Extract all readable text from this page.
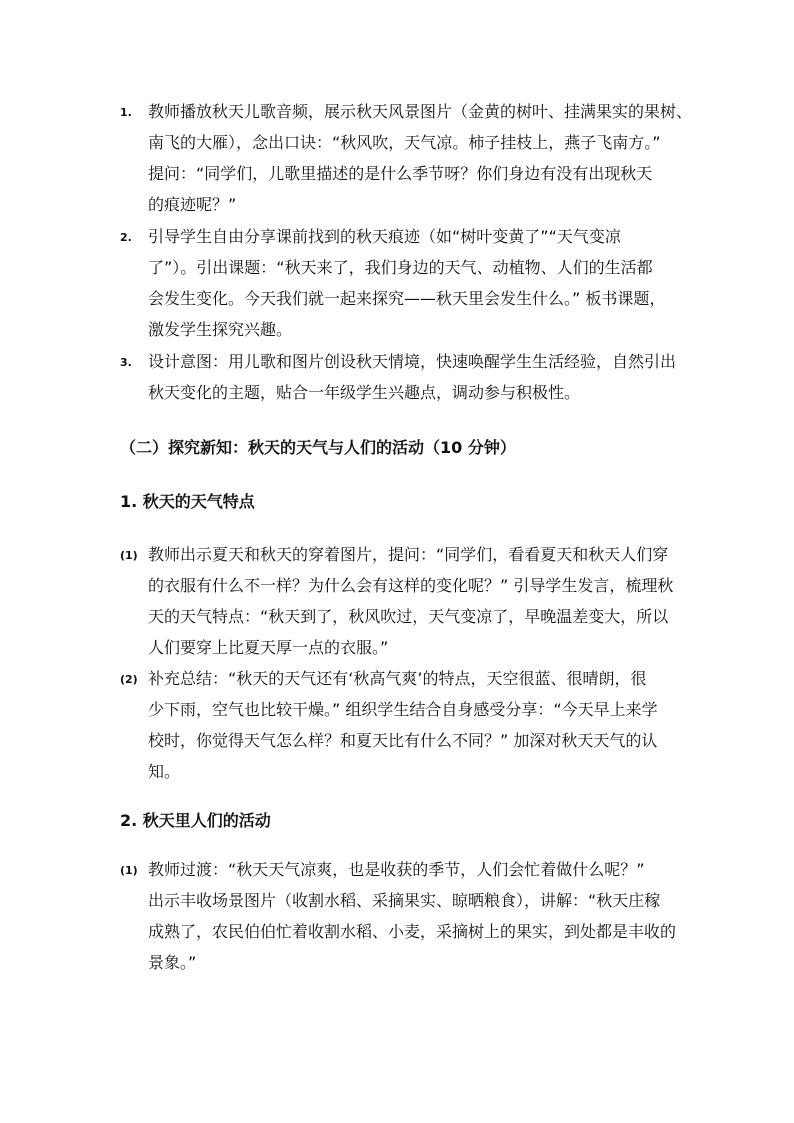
1. 教师播放秋天儿歌音频，展示秋天风景图片（金黄的树叶、挂满果实的果树、
南飞的大雁），念出口诀：“秋风吹，天气凉。柿子挂枝上，燕子飞南方。”
提问：“同学们，儿歌里描述的是什么季节呀？你们身边有没有出现秋天
的痕迹呢？”
2. 引导学生自由分享课前找到的秋天痕迹（如“树叶变黄了”“天气变凉
了”）。引出课题：“秋天来了，我们身边的天气、动植物、人们的生活都
会发生变化。今天我们就一起来探究——秋天里会发生什么。” 板书课题，
激发学生探究兴趣。
3. 设计意图：用儿歌和图片创设秋天情境，快速唤醒学生生活经验，自然引出
秋天变化的主题，贴合一年级学生兴趣点，调动参与积极性。
（二）探究新知：秋天的天气与人们的活动（10 分钟）
1. 秋天的天气特点
(1) 教师出示夏天和秋天的穿着图片，提问：“同学们，看看夏天和秋天人们穿
的衣服有什么不一样？为什么会有这样的变化呢？” 引导学生发言，梳理秋
天的天气特点：“秋天到了，秋风吹过，天气变凉了，早晚温差变大，所以
人们要穿上比夏天厚一点的衣服。”
(2) 补充总结：“秋天的天气还有‘秋高气爽’的特点，天空很蓝、很晴朗，很
少下雨，空气也比较干燥。” 组织学生结合自身感受分享：“今天早上来学
校时，你觉得天气怎么样？和夏天比有什么不同？” 加深对秋天天气的认
知。
2. 秋天里人们的活动
(1) 教师过渡：“秋天天气凉爽，也是收获的季节，人们会忙着做什么呢？”
出示丰收场景图片（收割水稻、采摘果实、晾晒粮食），讲解：“秋天庄稼
成熟了，农民伯伯忙着收割水稻、小麦，采摘树上的果实，到处都是丰收的
景象。”
